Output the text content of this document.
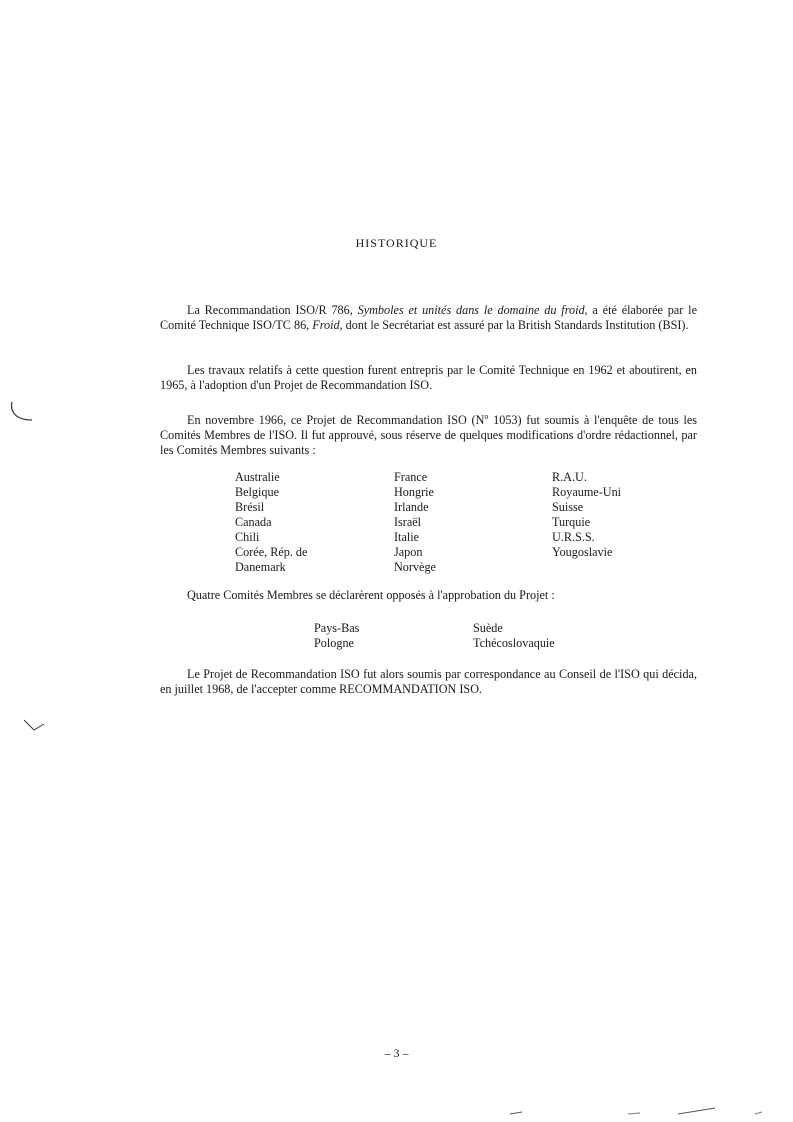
HISTORIQUE

La Recommandation ISO/R 786, Symboles et unités dans le domaine du froid, a été élaborée par le Comité Technique ISO/TC 86, Froid, dont le Secrétariat est assuré par la British Standards Institution (BSI).

Les travaux relatifs à cette question furent entrepris par le Comité Technique en 1962 et aboutirent, en 1965, à l'adoption d'un Projet de Recommandation ISO.

En novembre 1966, ce Projet de Recommandation ISO ($N^o$ 1053) fut soumis à l'enquête de tous les Comités Membres de l'ISO. Il fut approuvé, sous réserve de quelques modifications d'ordre rédactionnel, par les Comités Membres suivants :

Australie
Belgique
Brésil
Canada
Chili
Corée, Rép. de
Danemark
France
Hongrie
Irlande
Israël
Italie
Japon
Norvège
R.A.U.
Royaume-Uni
Suisse
Turquie
U.R.S.S.
Yougoslavie

Quatre Comités Membres se déclarèrent opposés à l'approbation du Projet :

Pays-Bas
Pologne
Suède
Tchécoslovaquie

Le Projet de Recommandation ISO fut alors soumis par correspondance au Conseil de l'ISO qui décida, en juillet 1968, de l'accepter comme RECOMMANDATION ISO.

– 3 –
